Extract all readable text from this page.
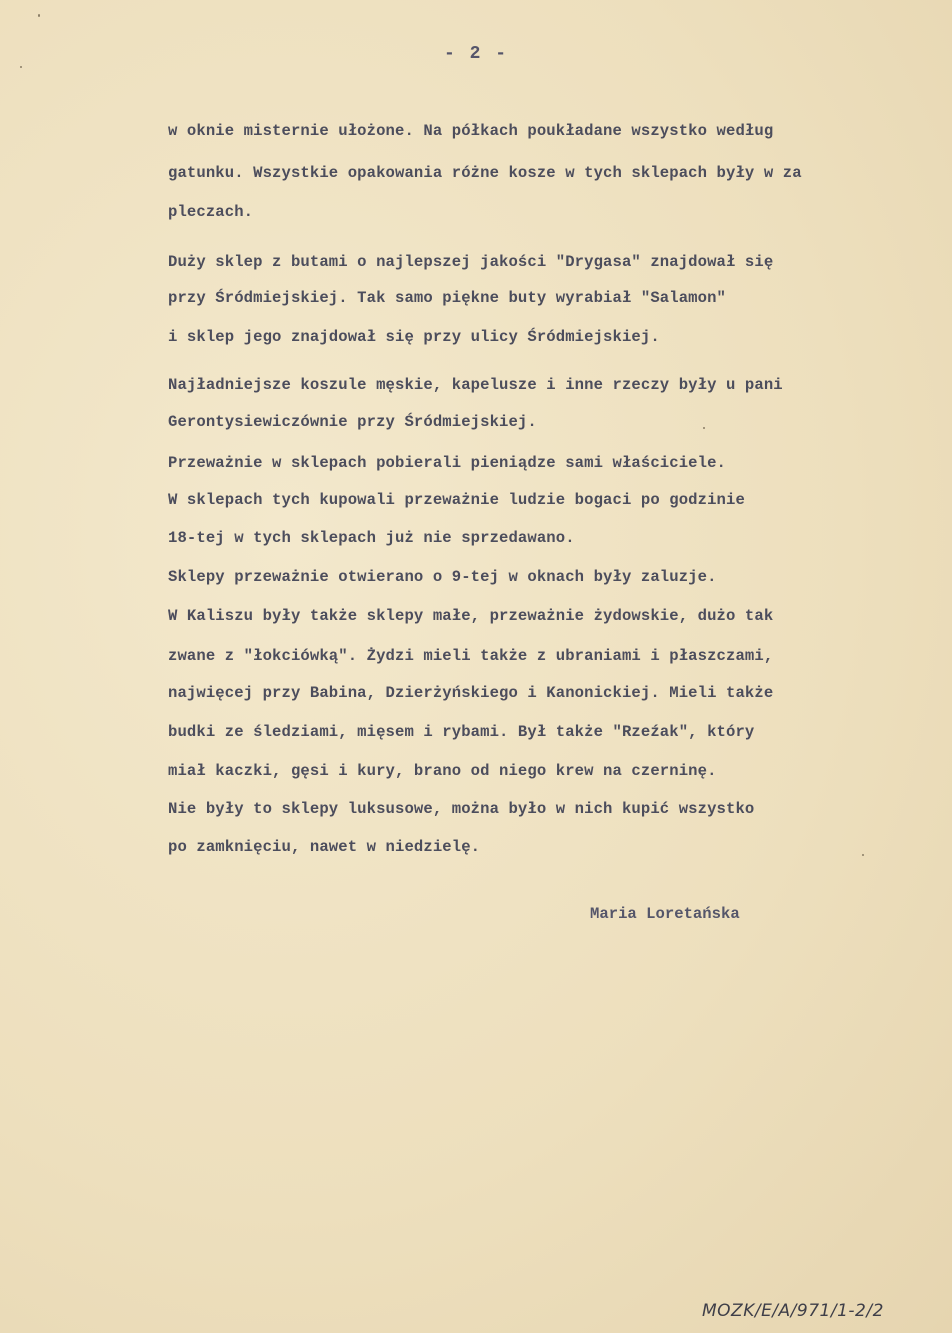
- 2 -
w oknie misternie ułożone. Na półkach poukładane wszystko według
gatunku. Wszystkie opakowania różne kosze w tych sklepach były w za
pleczach.
Duży sklep z butami o najlepszej jakości "Drygasa" znajdował się
przy Śródmiejskiej. Tak samo piękne buty wyrabiał "Salamon"
i sklep jego znajdował się przy ulicy Śródmiejskiej.
Najładniejsze koszule męskie, kapelusze i inne rzeczy były u pani
Gerontysiewiczównie przy Śródmiejskiej.
Przeważnie w sklepach pobierali pieniądze sami właściciele.
W sklepach tych kupowali przeważnie ludzie bogaci po godzinie
18-tej w tych sklepach już nie sprzedawano.
Sklepy przeważnie otwierano o 9-tej w oknach były zaluzje.
W Kaliszu były także sklepy małe, przeważnie żydowskie, dużo tak
zwane z "łokciówką". Żydzi mieli także z ubraniami i płaszczami,
najwięcej przy Babina, Dzierżyńskiego i Kanonickiej. Mieli także
budki ze śledziami, mięsem i rybami. Był także "Rzeźak", który
miał kaczki, gęsi i kury, brano od niego krew na czerninę.
Nie były to sklepy luksusowe, można było w nich kupić wszystko
po zamknięciu, nawet w niedzielę.
Maria Loretańska
MOZK/E/A/971/1-2/2
